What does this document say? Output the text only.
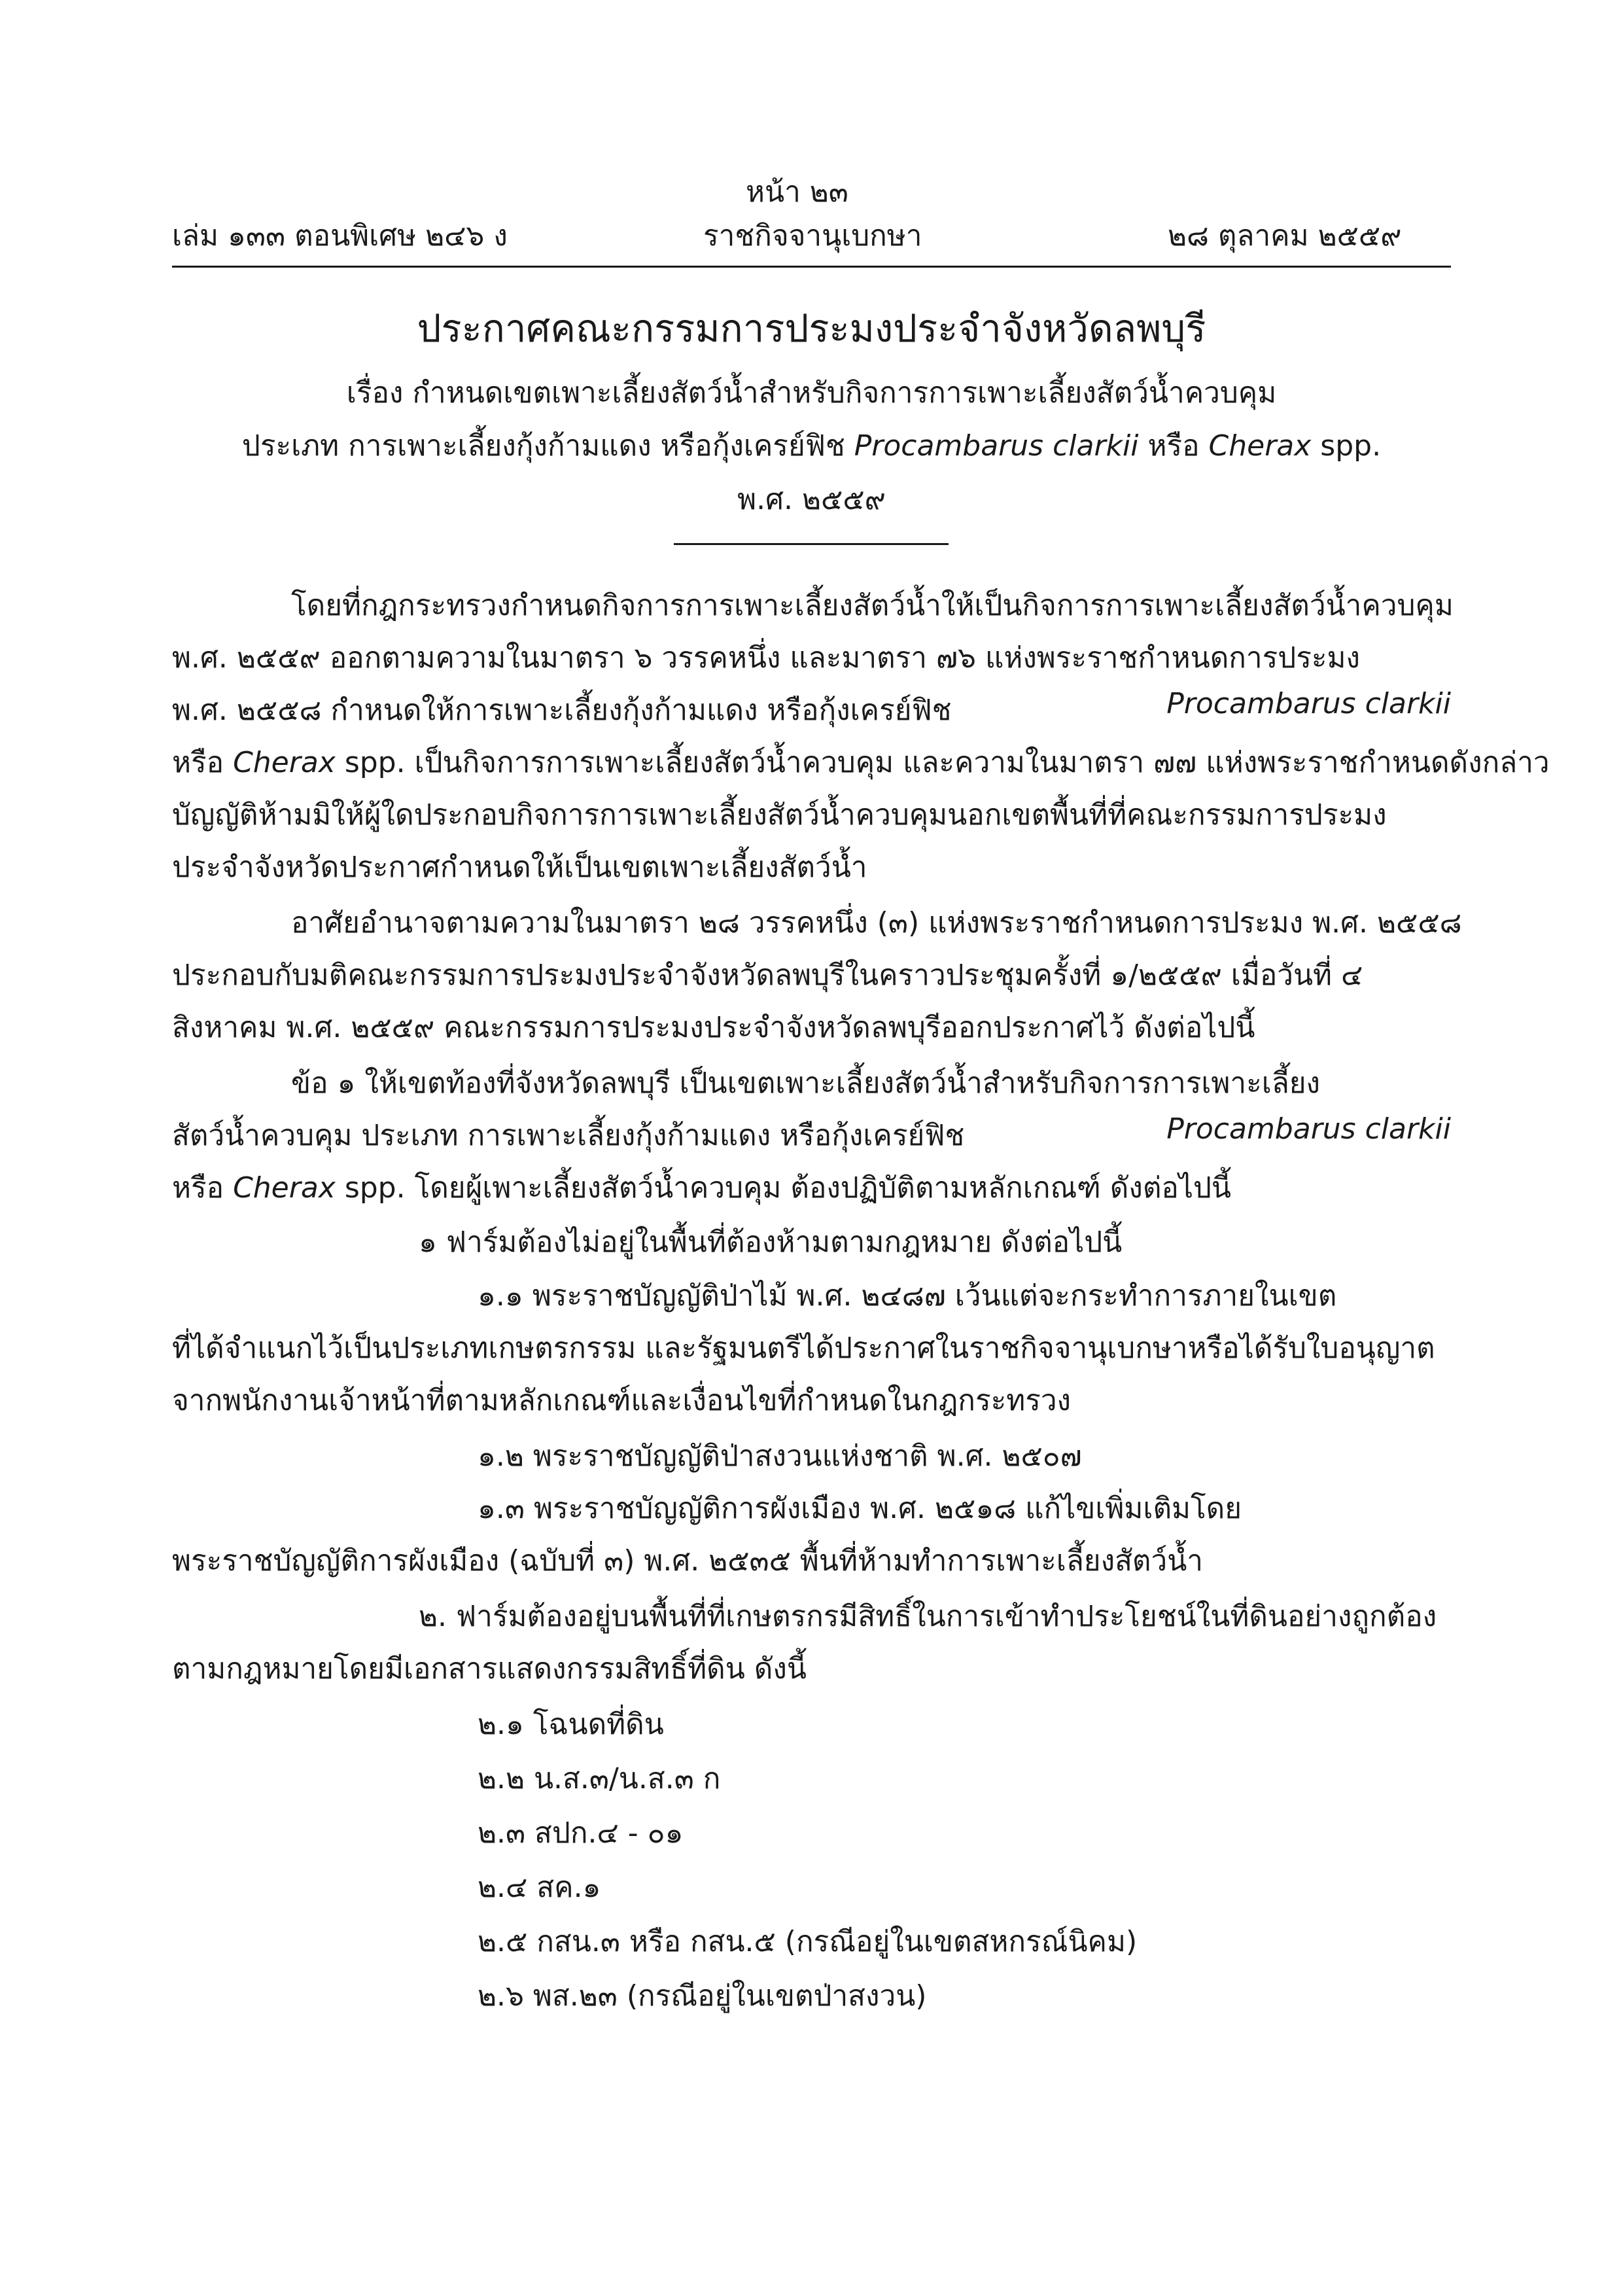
หน้า ๒๓
เล่ม ๑๓๓ ตอนพิเศษ ๒๔๖ ง	ราชกิจจานุเบกษา	๒๘ ตุลาคม ๒๕๕๙
ประกาศคณะกรรมการประมงประจำจังหวัดลพบุรี
เรื่อง กำหนดเขตเพาะเลี้ยงสัตว์น้ำสำหรับกิจการการเพาะเลี้ยงสัตว์น้ำควบคุม
ประเภท การเพาะเลี้ยงกุ้งก้ามแดง หรือกุ้งเครย์ฟิช Procambarus clarkii หรือ Cherax spp.
พ.ศ. ๒๕๕๙
โดยที่กฎกระทรวงกำหนดกิจการการเพาะเลี้ยงสัตว์น้ำให้เป็นกิจการการเพาะเลี้ยงสัตว์น้ำควบคุม
พ.ศ. ๒๕๕๙ ออกตามความในมาตรา ๖ วรรคหนึ่ง และมาตรา ๗๖ แห่งพระราชกำหนดการประมง
พ.ศ. ๒๕๕๘ กำหนดให้การเพาะเลี้ยงกุ้งก้ามแดง หรือกุ้งเครย์ฟิช	Procambarus clarkii
หรือ Cherax spp. เป็นกิจการการเพาะเลี้ยงสัตว์น้ำควบคุม และความในมาตรา ๗๗ แห่งพระราชกำหนดดังกล่าว
บัญญัติห้ามมิให้ผู้ใดประกอบกิจการการเพาะเลี้ยงสัตว์น้ำควบคุมนอกเขตพื้นที่ที่คณะกรรมการประมง
ประจำจังหวัดประกาศกำหนดให้เป็นเขตเพาะเลี้ยงสัตว์น้ำ
อาศัยอำนาจตามความในมาตรา ๒๘ วรรคหนึ่ง (๓) แห่งพระราชกำหนดการประมง พ.ศ. ๒๕๕๘
ประกอบกับมติคณะกรรมการประมงประจำจังหวัดลพบุรีในคราวประชุมครั้งที่ ๑/๒๕๕๙ เมื่อวันที่ ๔
สิงหาคม พ.ศ. ๒๕๕๙ คณะกรรมการประมงประจำจังหวัดลพบุรีออกประกาศไว้ ดังต่อไปนี้
ข้อ ๑ ให้เขตท้องที่จังหวัดลพบุรี เป็นเขตเพาะเลี้ยงสัตว์น้ำสำหรับกิจการการเพาะเลี้ยง
สัตว์น้ำควบคุม ประเภท การเพาะเลี้ยงกุ้งก้ามแดง หรือกุ้งเครย์ฟิช	Procambarus clarkii
หรือ Cherax spp. โดยผู้เพาะเลี้ยงสัตว์น้ำควบคุม ต้องปฏิบัติตามหลักเกณฑ์ ดังต่อไปนี้
๑ ฟาร์มต้องไม่อยู่ในพื้นที่ต้องห้ามตามกฎหมาย ดังต่อไปนี้
๑.๑ พระราชบัญญัติป่าไม้ พ.ศ. ๒๔๘๗ เว้นแต่จะกระทำการภายในเขต
ที่ได้จำแนกไว้เป็นประเภทเกษตรกรรม และรัฐมนตรีได้ประกาศในราชกิจจานุเบกษาหรือได้รับใบอนุญาต
จากพนักงานเจ้าหน้าที่ตามหลักเกณฑ์และเงื่อนไขที่กำหนดในกฎกระทรวง
๑.๒ พระราชบัญญัติป่าสงวนแห่งชาติ พ.ศ. ๒๕๐๗
๑.๓ พระราชบัญญัติการผังเมือง พ.ศ. ๒๕๑๘ แก้ไขเพิ่มเติมโดย
พระราชบัญญัติการผังเมือง (ฉบับที่ ๓) พ.ศ. ๒๕๓๕ พื้นที่ห้ามทำการเพาะเลี้ยงสัตว์น้ำ
๒. ฟาร์มต้องอยู่บนพื้นที่ที่เกษตรกรมีสิทธิ์ในการเข้าทำประโยชน์ในที่ดินอย่างถูกต้อง
ตามกฎหมายโดยมีเอกสารแสดงกรรมสิทธิ์ที่ดิน ดังนี้
๒.๑ โฉนดที่ดิน
๒.๒ น.ส.๓/น.ส.๓ ก
๒.๓ สปก.๔ - ๐๑
๒.๔ สค.๑
๒.๕ กสน.๓ หรือ กสน.๕ (กรณีอยู่ในเขตสหกรณ์นิคม)
๒.๖ พส.๒๓ (กรณีอยู่ในเขตป่าสงวน)
